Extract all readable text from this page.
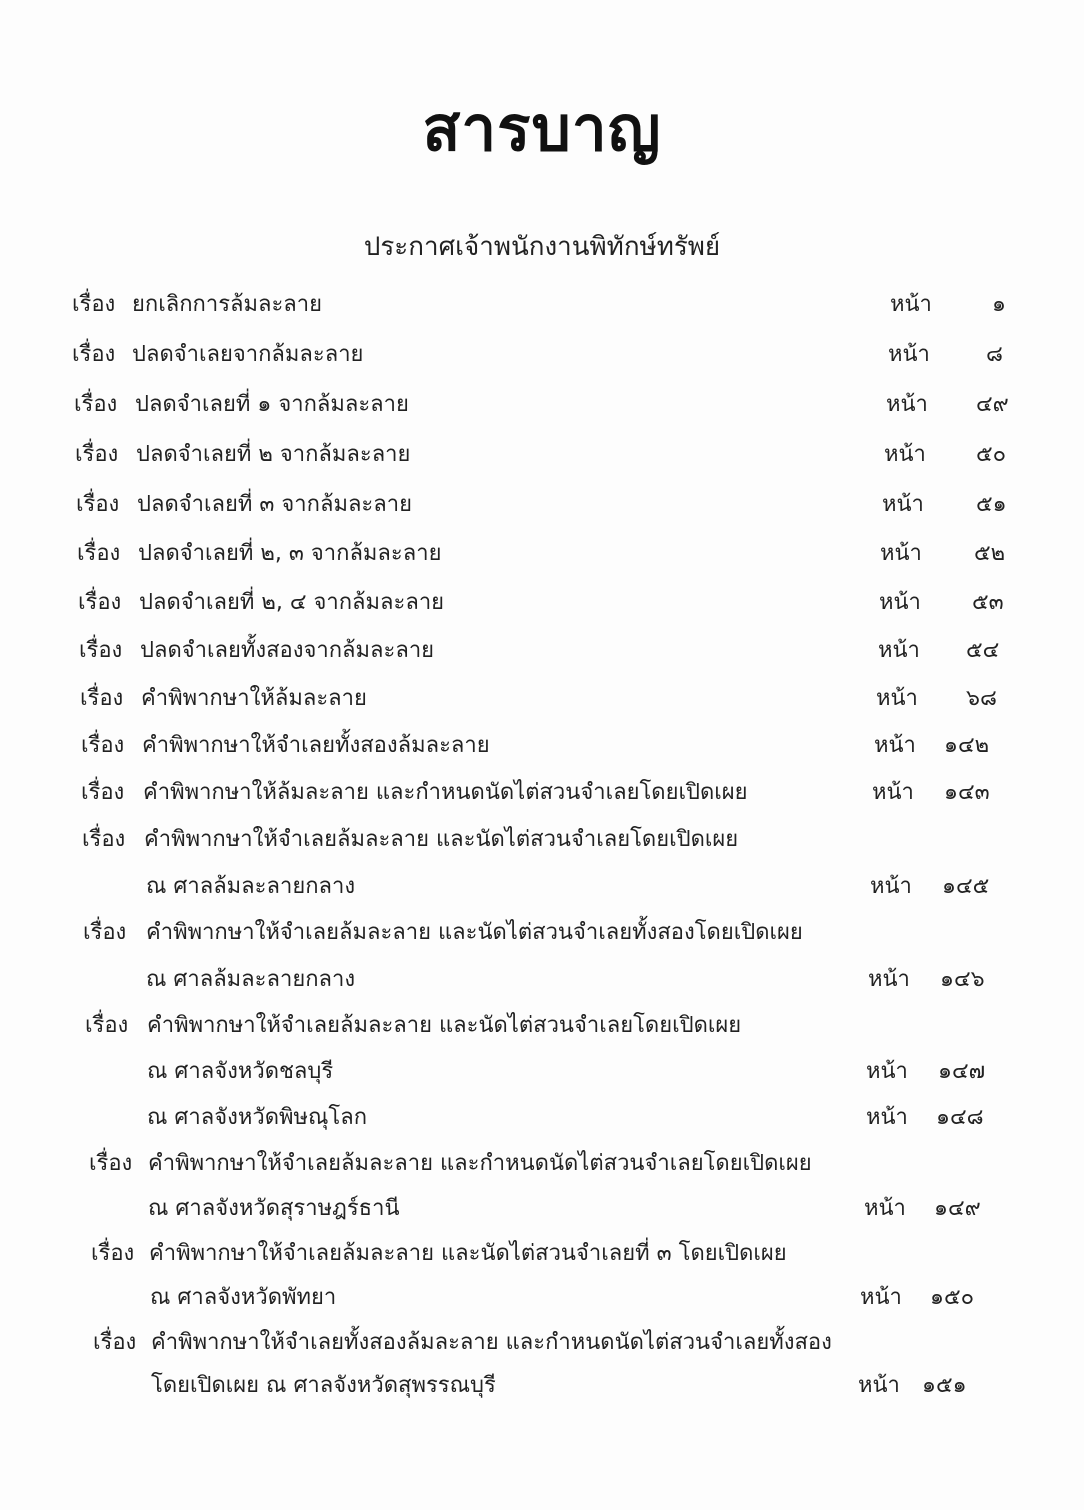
สารบาญ
ประกาศเจ้าพนักงานพิทักษ์ทรัพย์
เรื่อง ยกเลิกการล้มละลาย	หน้า	๑
เรื่อง ปลดจำเลยจากล้มละลาย	หน้า	๘
เรื่อง ปลดจำเลยที่ ๑ จากล้มละลาย	หน้า ๔๙
เรื่อง ปลดจำเลยที่ ๒ จากล้มละลาย	หน้า ๕๐
เรื่อง ปลดจำเลยที่ ๓ จากล้มละลาย	หน้า ๕๑
เรื่อง ปลดจำเลยที่ ๒, ๓ จากล้มละลาย	หน้า ๕๒
เรื่อง ปลดจำเลยที่ ๒, ๔ จากล้มละลาย	หน้า ๕๓
เรื่อง ปลดจำเลยทั้งสองจากล้มละลาย	หน้า ๕๔
เรื่อง คำพิพากษาให้ล้มละลาย	หน้า ๖๘
เรื่อง คำพิพากษาให้จำเลยทั้งสองล้มละลาย	หน้า ๑๔๒
เรื่อง คำพิพากษาให้ล้มละลาย และกำหนดนัดไต่สวนจำเลยโดยเปิดเผย	หน้า ๑๔๓
เรื่อง คำพิพากษาให้จำเลยล้มละลาย และนัดไต่สวนจำเลยโดยเปิดเผย
ณ ศาลล้มละลายกลาง	หน้า ๑๔๕
เรื่อง คำพิพากษาให้จำเลยล้มละลาย และนัดไต่สวนจำเลยทั้งสองโดยเปิดเผย
ณ ศาลล้มละลายกลาง	หน้า ๑๔๖
เรื่อง คำพิพากษาให้จำเลยล้มละลาย และนัดไต่สวนจำเลยโดยเปิดเผย
ณ ศาลจังหวัดชลบุรี	หน้า ๑๔๗
ณ ศาลจังหวัดพิษณุโลก	หน้า ๑๔๘
เรื่อง คำพิพากษาให้จำเลยล้มละลาย และกำหนดนัดไต่สวนจำเลยโดยเปิดเผย
ณ ศาลจังหวัดสุราษฎร์ธานี	หน้า ๑๔๙
เรื่อง คำพิพากษาให้จำเลยล้มละลาย และนัดไต่สวนจำเลยที่ ๓ โดยเปิดเผย
ณ ศาลจังหวัดพัทยา	หน้า ๑๕๐
เรื่อง คำพิพากษาให้จำเลยทั้งสองล้มละลาย และกำหนดนัดไต่สวนจำเลยทั้งสอง
โดยเปิดเผย ณ ศาลจังหวัดสุพรรณบุรี	หน้า ๑๕๑
